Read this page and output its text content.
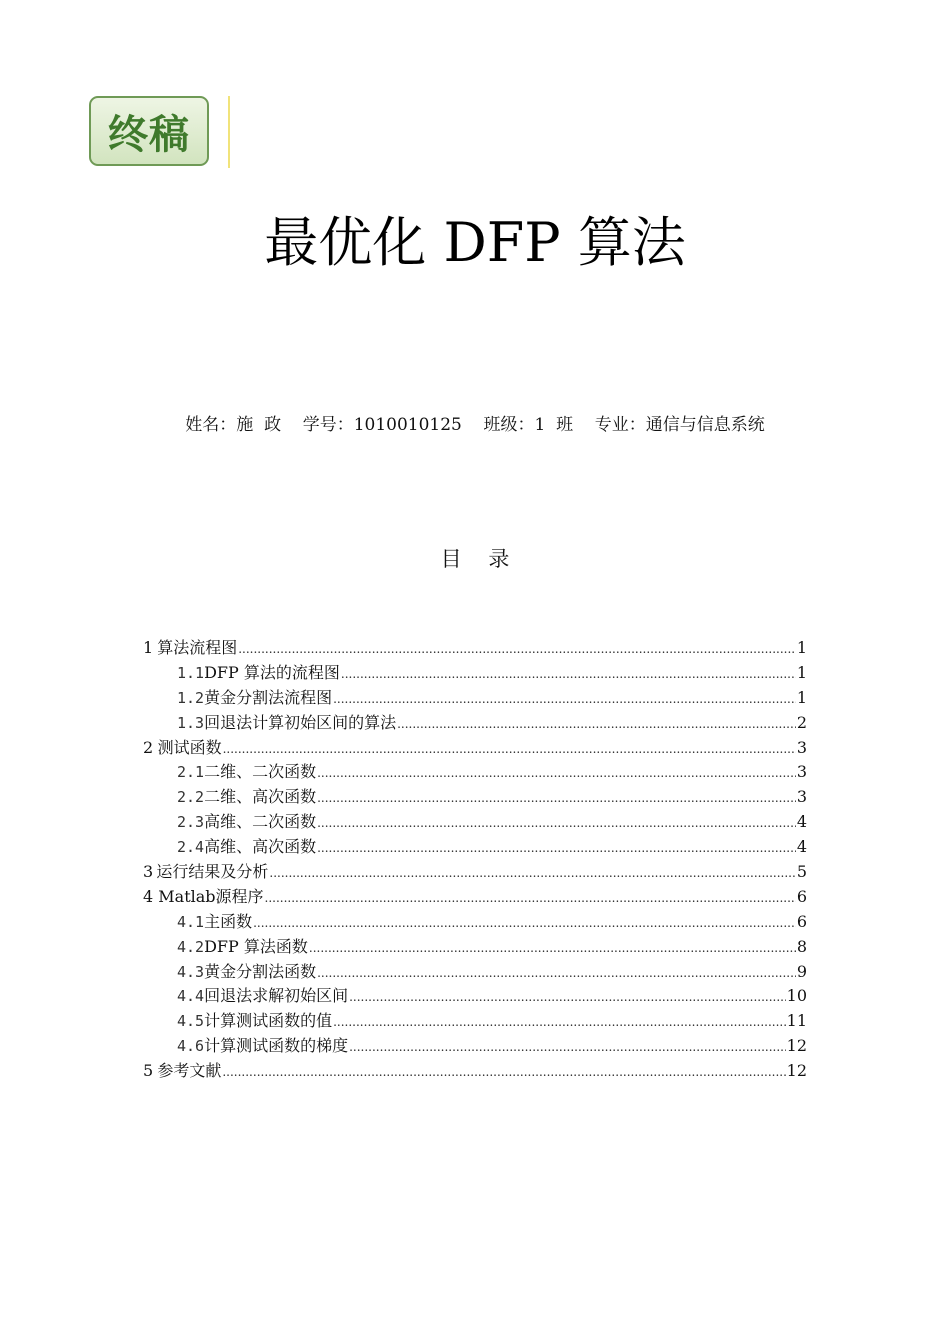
终稿
最优化 DFP 算法
姓名：施  政    学号：1010010125    班级：1  班    专业：通信与信息系统
目    录
1 算法流程图 .....	1
1.1 DFP 算法的流程图 .....	1
1.2 黄金分割法流程图 .....	1
1.3 回退法计算初始区间的算法 .....	2
2 测试函数 .....	3
2.1 二维、二次函数 .....	3
2.2 二维、高次函数 .....	3
2.3 高维、二次函数 .....	4
2.4 高维、高次函数 .....	4
3 运行结果及分析 .....	5
4 Matlab 源程序 .....	6
4.1 主函数 .....	6
4.2 DFP 算法函数 .....	8
4.3 黄金分割法函数 .....	9
4.4 回退法求解初始区间 .....	10
4.5 计算测试函数的值 .....	11
4.6 计算测试函数的梯度 .....	12
5 参考文献 .....	12
